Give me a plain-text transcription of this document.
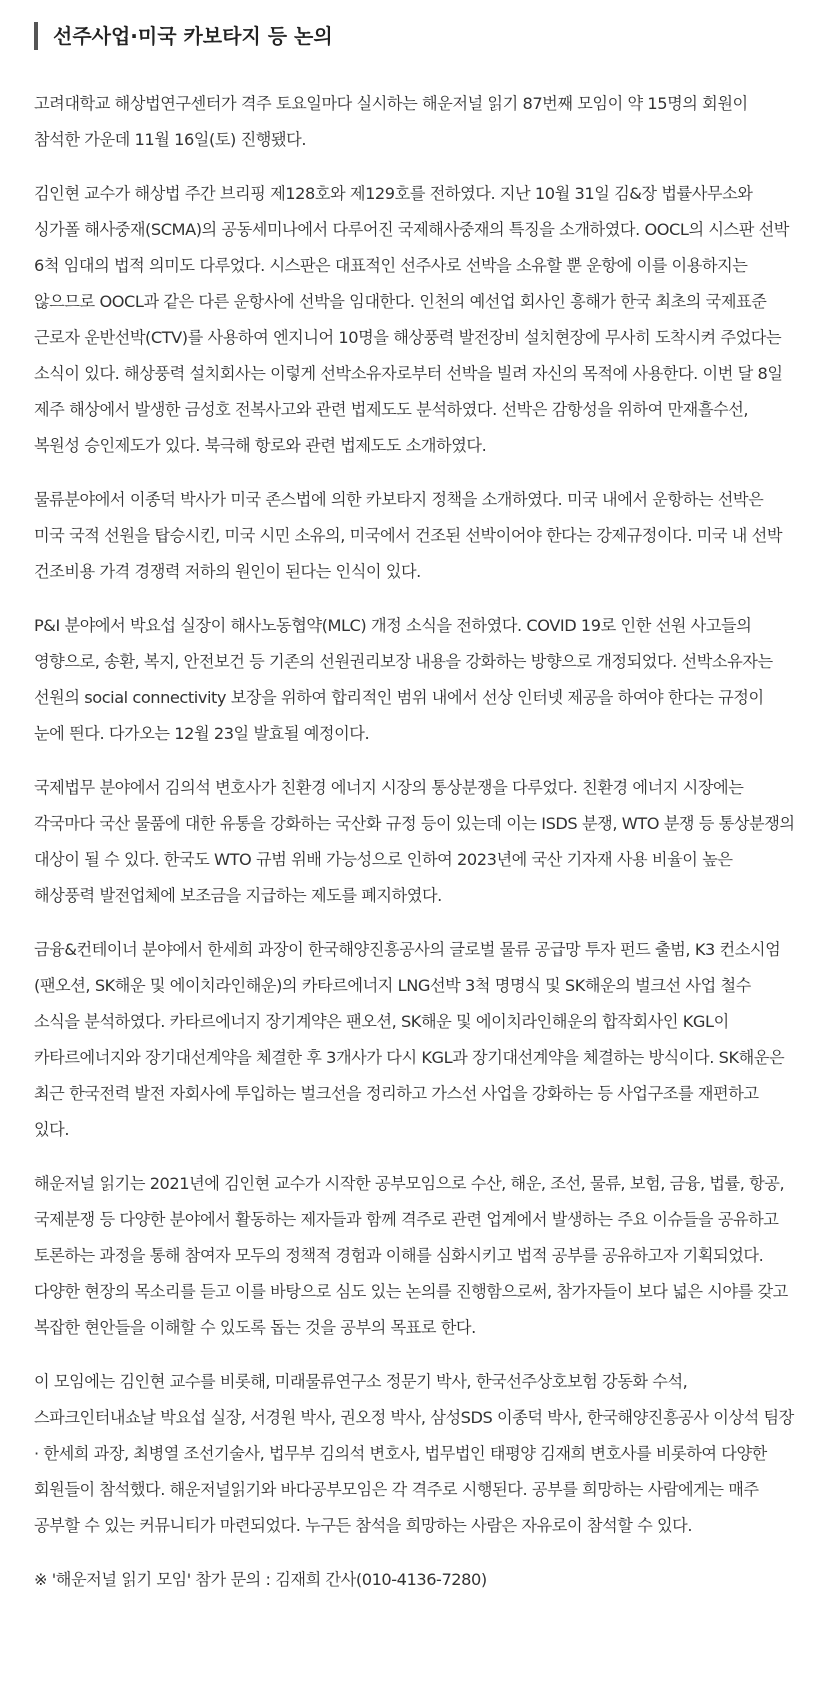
선주사업·미국 카보타지 등 논의

고려대학교 해상법연구센터가 격주 토요일마다 실시하는 해운저널 읽기 87번째 모임이 약 15명의 회원이 참석한 가운데 11월 16일(토) 진행됐다.

김인현 교수가 해상법 주간 브리핑 제128호와 제129호를 전하였다. 지난 10월 31일 김&장 법률사무소와 싱가폴 해사중재(SCMA)의 공동세미나에서 다루어진 국제해사중재의 특징을 소개하였다. OOCL의 시스판 선박 6척 임대의 법적 의미도 다루었다. 시스판은 대표적인 선주사로 선박을 소유할 뿐 운항에 이를 이용하지는 않으므로 OOCL과 같은 다른 운항사에 선박을 임대한다. 인천의 예선업 회사인 흥해가 한국 최초의 국제표준 근로자 운반선박(CTV)를 사용하여 엔지니어 10명을 해상풍력 발전장비 설치현장에 무사히 도착시켜 주었다는 소식이 있다. 해상풍력 설치회사는 이렇게 선박소유자로부터 선박을 빌려 자신의 목적에 사용한다. 이번 달 8일 제주 해상에서 발생한 금성호 전복사고와 관련 법제도도 분석하였다. 선박은 감항성을 위하여 만재흘수선, 복원성 승인제도가 있다. 북극해 항로와 관련 법제도도 소개하였다.

물류분야에서 이종덕 박사가 미국 존스법에 의한 카보타지 정책을 소개하였다. 미국 내에서 운항하는 선박은 미국 국적 선원을 탑승시킨, 미국 시민 소유의, 미국에서 건조된 선박이어야 한다는 강제규정이다. 미국 내 선박 건조비용 가격 경쟁력 저하의 원인이 된다는 인식이 있다.

P&I 분야에서 박요섭 실장이 해사노동협약(MLC) 개정 소식을 전하였다. COVID 19로 인한 선원 사고들의 영향으로, 송환, 복지, 안전보건 등 기존의 선원권리보장 내용을 강화하는 방향으로 개정되었다. 선박소유자는 선원의 social connectivity 보장을 위하여 합리적인 범위 내에서 선상 인터넷 제공을 하여야 한다는 규정이 눈에 띈다. 다가오는 12월 23일 발효될 예정이다.

국제법무 분야에서 김의석 변호사가 친환경 에너지 시장의 통상분쟁을 다루었다. 친환경 에너지 시장에는 각국마다 국산 물품에 대한 유통을 강화하는 국산화 규정 등이 있는데 이는 ISDS 분쟁, WTO 분쟁 등 통상분쟁의 대상이 될 수 있다. 한국도 WTO 규범 위배 가능성으로 인하여 2023년에 국산 기자재 사용 비율이 높은 해상풍력 발전업체에 보조금을 지급하는 제도를 폐지하였다.

금융&컨테이너 분야에서 한세희 과장이 한국해양진흥공사의 글로벌 물류 공급망 투자 펀드 출범, K3 컨소시엄(팬오션, SK해운 및 에이치라인해운)의 카타르에너지 LNG선박 3척 명명식 및 SK해운의 벌크선 사업 철수 소식을 분석하였다. 카타르에너지 장기계약은 팬오션, SK해운 및 에이치라인해운의 합작회사인 KGL이 카타르에너지와 장기대선계약을 체결한 후 3개사가 다시 KGL과 장기대선계약을 체결하는 방식이다. SK해운은 최근 한국전력 발전 자회사에 투입하는 벌크선을 정리하고 가스선 사업을 강화하는 등 사업구조를 재편하고 있다.

해운저널 읽기는 2021년에 김인현 교수가 시작한 공부모임으로 수산, 해운, 조선, 물류, 보험, 금융, 법률, 항공, 국제분쟁 등 다양한 분야에서 활동하는 제자들과 함께 격주로 관련 업계에서 발생하는 주요 이슈들을 공유하고 토론하는 과정을 통해 참여자 모두의 정책적 경험과 이해를 심화시키고 법적 공부를 공유하고자 기획되었다. 다양한 현장의 목소리를 듣고 이를 바탕으로 심도 있는 논의를 진행함으로써, 참가자들이 보다 넓은 시야를 갖고 복잡한 현안들을 이해할 수 있도록 돕는 것을 공부의 목표로 한다.

이 모임에는 김인현 교수를 비롯해, 미래물류연구소 정문기 박사, 한국선주상호보험 강동화 수석, 스파크인터내쇼날 박요섭 실장, 서경원 박사, 권오정 박사, 삼성SDS 이종덕 박사, 한국해양진흥공사 이상석 팀장 · 한세희 과장, 최병열 조선기술사, 법무부 김의석 변호사, 법무법인 태평양 김재희 변호사를 비롯하여 다양한 회원들이 참석했다. 해운저널읽기와 바다공부모임은 각 격주로 시행된다. 공부를 희망하는 사람에게는 매주 공부할 수 있는 커뮤니티가 마련되었다. 누구든 참석을 희망하는 사람은 자유로이 참석할 수 있다.

※ '해운저널 읽기 모임' 참가 문의 : 김재희 간사(010-4136-7280)
